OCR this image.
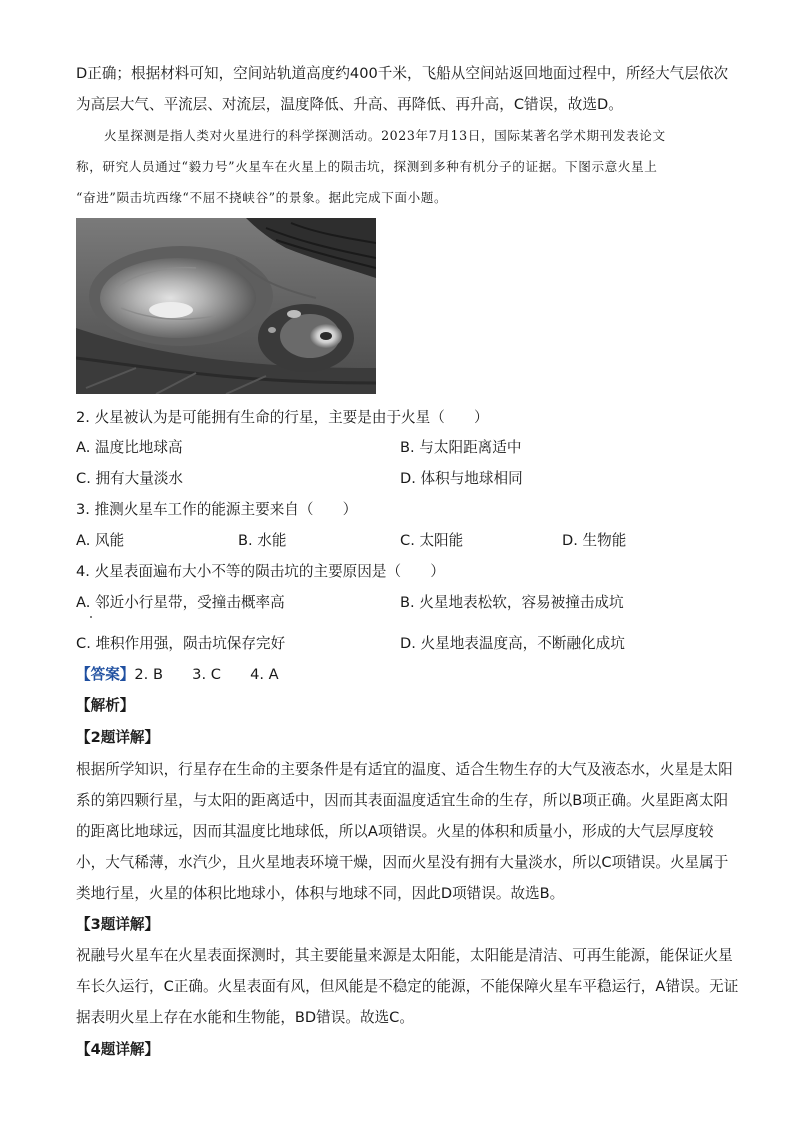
D正确；根据材料可知，空间站轨道高度约400千米，飞船从空间站返回地面过程中，所经大气层依次
为高层大气、平流层、对流层，温度降低、升高、再降低、再升高，C错误，故选D。
火星探测是指人类对火星进行的科学探测活动。2023年7月13日，国际某著名学术期刊发表论文
称，研究人员通过“毅力号”火星车在火星上的陨击坑，探测到多种有机分子的证据。下图示意火星上
“奋进”陨击坑西缘“不屈不挠峡谷”的景象。据此完成下面小题。
2. 火星被认为是可能拥有生命的行星，主要是由于火星（　　）
A. 温度比地球高	B. 与太阳距离适中
C. 拥有大量淡水	D. 体积与地球相同
3. 推测火星车工作的能源主要来自（　　）
A. 风能	B. 水能	C. 太阳能	D. 生物能
4. 火星表面遍布大小不等的陨击坑的主要原因是（　　）
A. 邻近小行星带，受撞击概率高	B. 火星地表松软，容易被撞击成坑
C. 堆积作用强，陨击坑保存完好	D. 火星地表温度高，不断融化成坑
【答案】2. B　　3. C　　4. A
【解析】
【2题详解】
根据所学知识，行星存在生命的主要条件是有适宜的温度、适合生物生存的大气及液态水，火星是太阳
系的第四颗行星，与太阳的距离适中，因而其表面温度适宜生命的生存，所以B项正确。火星距离太阳
的距离比地球远，因而其温度比地球低，所以A项错误。火星的体积和质量小，形成的大气层厚度较
小，大气稀薄，水汽少，且火星地表环境干燥，因而火星没有拥有大量淡水，所以C项错误。火星属于
类地行星，火星的体积比地球小，体积与地球不同，因此D项错误。故选B。
【3题详解】
祝融号火星车在火星表面探测时，其主要能量来源是太阳能，太阳能是清洁、可再生能源，能保证火星
车长久运行，C正确。火星表面有风，但风能是不稳定的能源，不能保障火星车平稳运行，A错误。无证
据表明火星上存在水能和生物能，BD错误。故选C。
【4题详解】
